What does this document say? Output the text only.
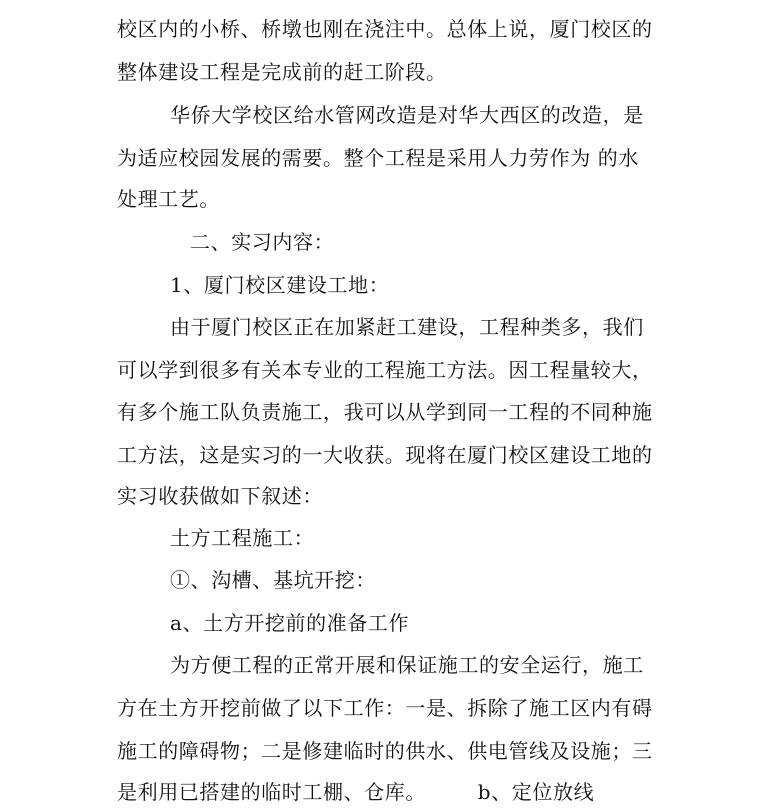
校区内的小桥、桥墩也刚在浇注中。总体上说，厦门校区的
整体建设工程是完成前的赶工阶段。
华侨大学校区给水管网改造是对华大西区的改造，是
为适应校园发展的需要。整个工程是采用人力劳作为 的水
处理工艺。
二、实习内容：
1、厦门校区建设工地：
由于厦门校区正在加紧赶工建设，工程种类多，我们
可以学到很多有关本专业的工程施工方法。因工程量较大，
有多个施工队负责施工，我可以从学到同一工程的不同种施
工方法，这是实习的一大收获。现将在厦门校区建设工地的
实习收获做如下叙述：
土方工程施工：
①、沟槽、基坑开挖：
a、土方开挖前的准备工作
为方便工程的正常开展和保证施工的安全运行，施工
方在土方开挖前做了以下工作：一是、拆除了施工区内有碍
施工的障碍物；二是修建临时的供水、供电管线及设施；三
是利用已搭建的临时工棚、仓库。　　　b、定位放线
